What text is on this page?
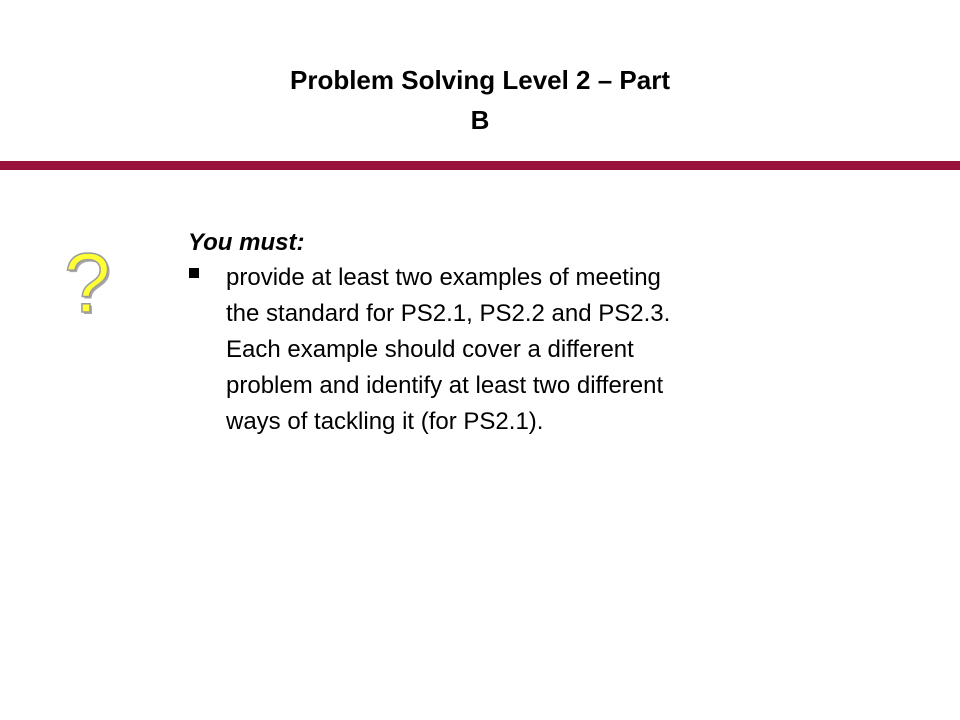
Problem Solving Level 2 – Part
B
?	You must:
provide at least two examples of meeting
the standard for PS2.1, PS2.2 and PS2.3.
Each example should cover a different
problem and identify at least two different
ways of tackling it (for PS2.1).
